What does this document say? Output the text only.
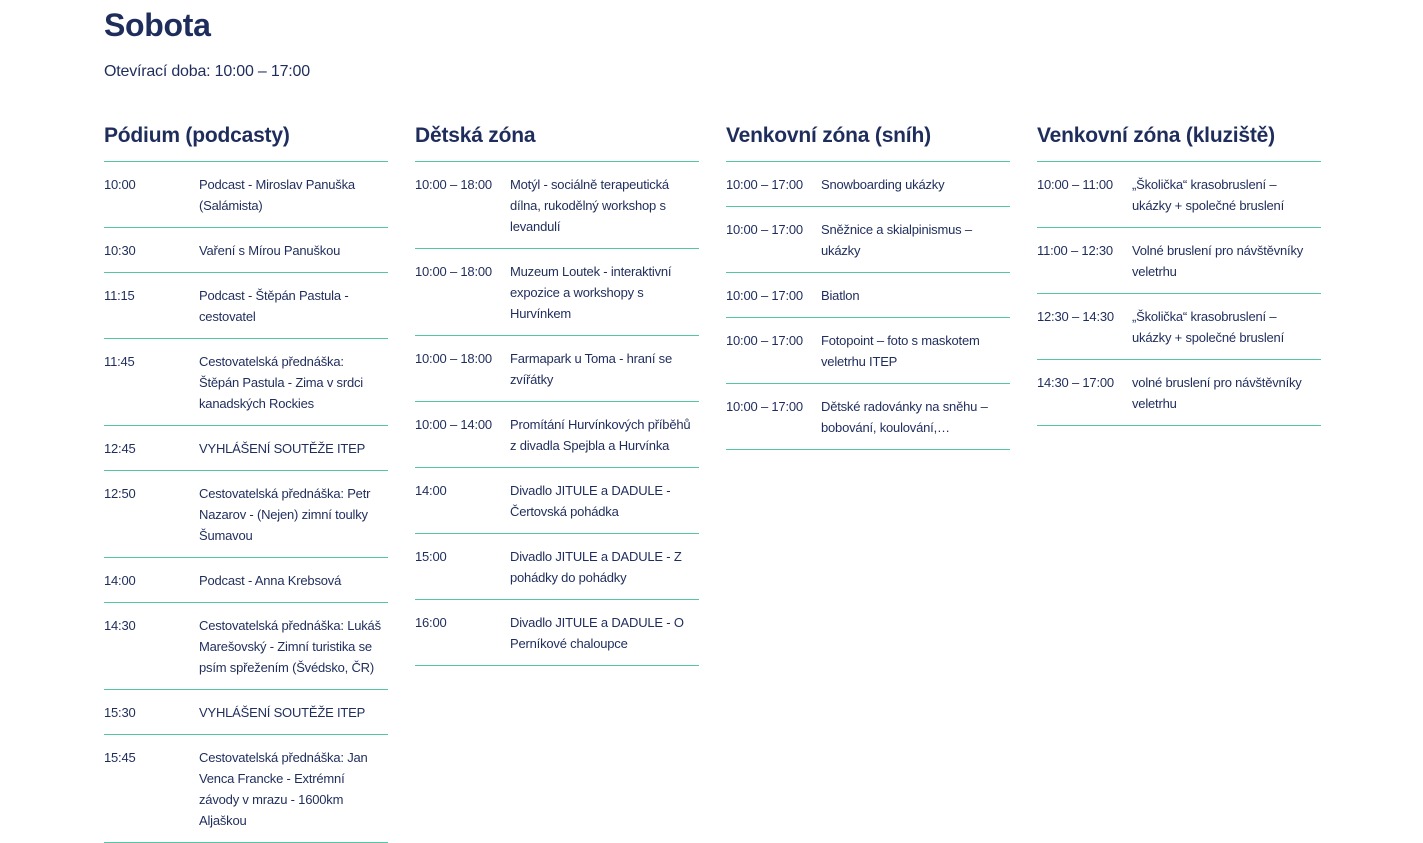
Sobota
Otevírací doba: 10:00 – 17:00
Pódium (podcasty)
10:00	Podcast - Miroslav Panuška (Salámista)
10:30	Vaření s Mírou Panuškou
11:15	Podcast - Štěpán Pastula - cestovatel
11:45	Cestovatelská přednáška: Štěpán Pastula - Zima v srdci kanadských Rockies
12:45	VYHLÁŠENÍ SOUTĚŽE ITEP
12:50	Cestovatelská přednáška: Petr Nazarov - (Nejen) zimní toulky Šumavou
14:00	Podcast - Anna Krebsová
14:30	Cestovatelská přednáška: Lukáš Marešovský - Zimní turistika se psím spřežením (Švédsko, ČR)
15:30	VYHLÁŠENÍ SOUTĚŽE ITEP
15:45	Cestovatelská přednáška: Jan Venca Francke - Extrémní závody v mrazu - 1600km Aljaškou
Dětská zóna
10:00 – 18:00	Motýl - sociálně terapeutická dílna, rukodělný workshop s levandulí
10:00 – 18:00	Muzeum Loutek - interaktivní expozice a workshopy s Hurvínkem
10:00 – 18:00	Farmapark u Toma - hraní se zvířátky
10:00 – 14:00	Promítání Hurvínkových příběhů z divadla Spejbla a Hurvínka
14:00	Divadlo JITULE a DADULE - Čertovská pohádka
15:00	Divadlo JITULE a DADULE - Z pohádky do pohádky
16:00	Divadlo JITULE a DADULE - O Perníkové chaloupce
Venkovní zóna (sníh)
10:00 – 17:00	Snowboarding ukázky
10:00 – 17:00	Sněžnice a skialpinismus – ukázky
10:00 – 17:00	Biatlon
10:00 – 17:00	Fotopoint – foto s maskotem veletrhu ITEP
10:00 – 17:00	Dětské radovánky na sněhu – bobování, koulování,…
Venkovní zóna (kluziště)
10:00 – 11:00	„Školička“ krasobruslení – ukázky + společné bruslení
11:00 – 12:30	Volné bruslení pro návštěvníky veletrhu
12:30 – 14:30	„Školička“ krasobruslení – ukázky + společné bruslení
14:30 – 17:00	volné bruslení pro návštěvníky veletrhu
